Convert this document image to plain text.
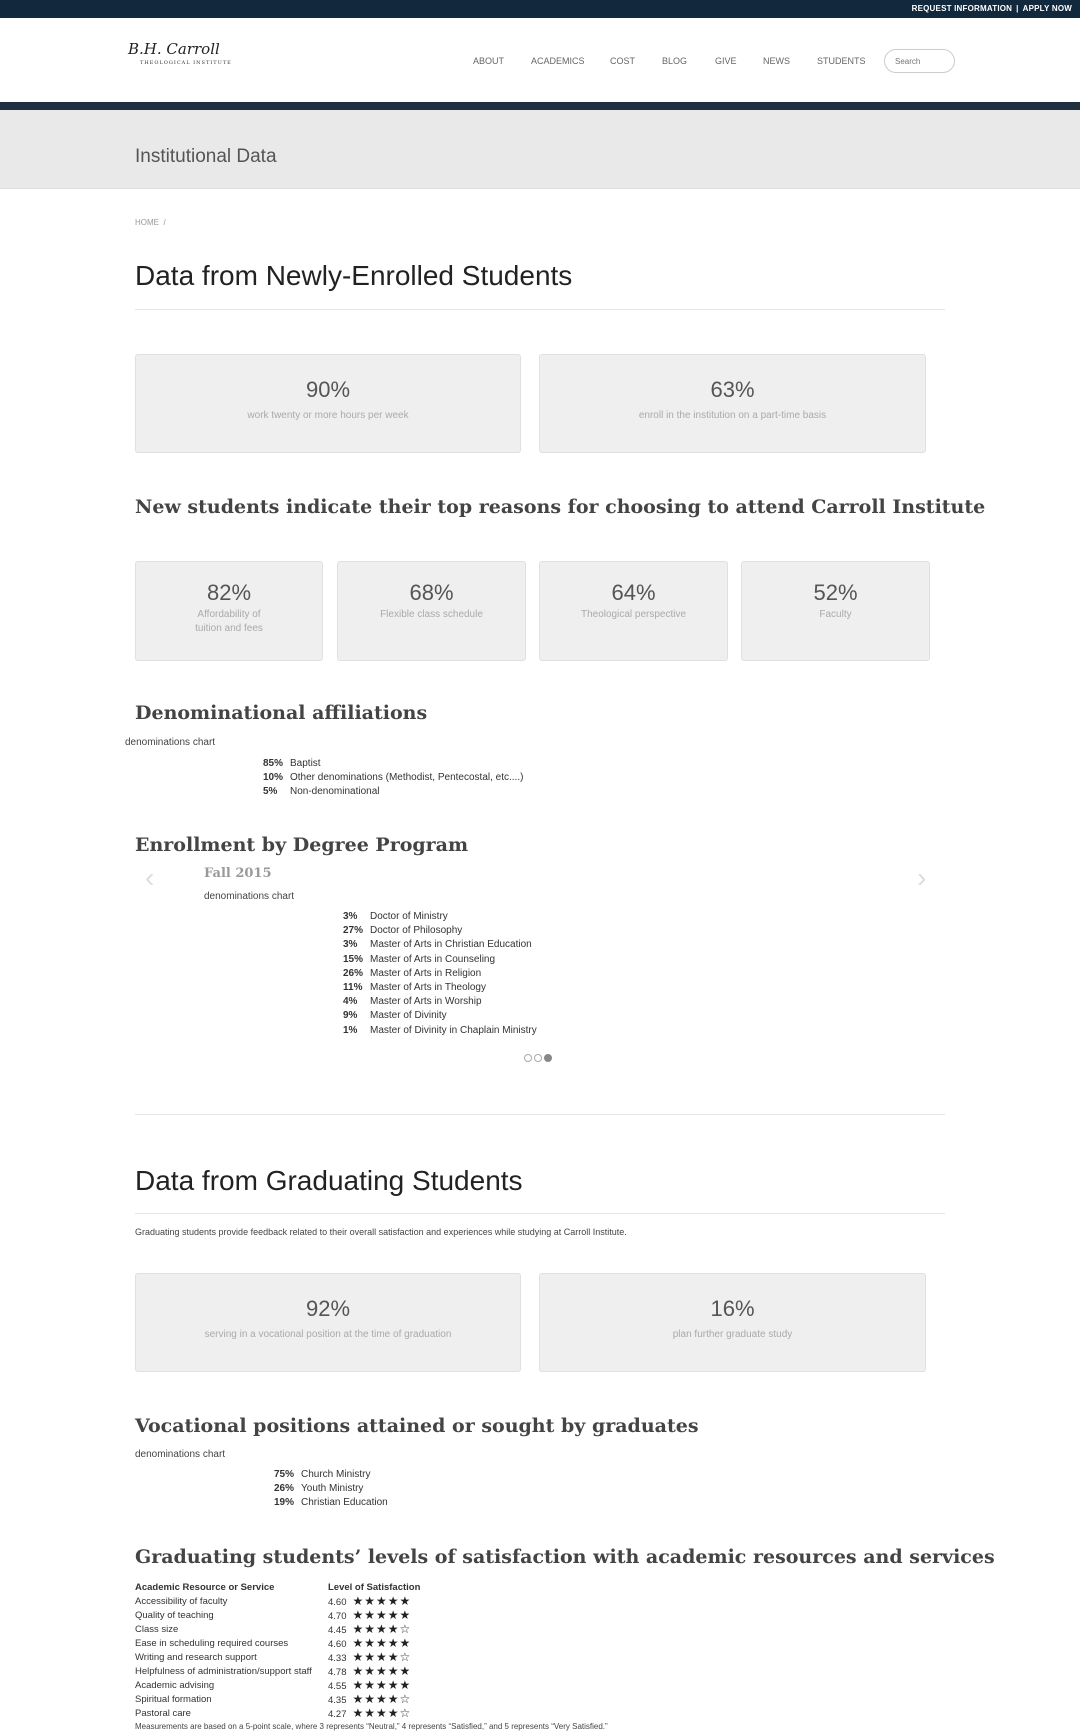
REQUEST INFORMATION | APPLY NOW
B.H. Carroll
THEOLOGICAL INSTITUTE	ABOUT	ACADEMICS	COST	BLOG	GIVE	NEWS	STUDENTS
Search
Institutional Data
HOME /
Data from Newly-Enrolled Students
90%
work twenty or more hours per week
63%
enroll in the institution on a part-time basis
New students indicate their top reasons for choosing to attend Carroll Institute
82%
Affordability of
tuition and fees
68%
Flexible class schedule
64%
Theological perspective
52%
Faculty
Denominational affiliations
denominations chart
85% Baptist
10% Other denominations (Methodist, Pentecostal, etc....)
5% Non-denominational
Enrollment by Degree Program
‹	›
Fall 2015
denominations chart
3% Doctor of Ministry
27% Doctor of Philosophy
3% Master of Arts in Christian Education
15% Master of Arts in Counseling
26% Master of Arts in Religion
11% Master of Arts in Theology
4% Master of Arts in Worship
9% Master of Divinity
1% Master of Divinity in Chaplain Ministry
Data from Graduating Students
Graduating students provide feedback related to their overall satisfaction and experiences while studying at Carroll Institute.
92%
serving in a vocational position at the time of graduation
16%
plan further graduate study
Vocational positions attained or sought by graduates
denominations chart
75% Church Ministry
26% Youth Ministry
19% Christian Education
Graduating students’ levels of satisfaction with academic resources and services
Academic Resource or Service	Level of Satisfaction
Accessibility of faculty	4.60 ★★★★★
Quality of teaching	4.70 ★★★★★
Class size	4.45 ★★★★☆
Ease in scheduling required courses	4.60 ★★★★★
Writing and research support	4.33 ★★★★☆
Helpfulness of administration/support staff	4.78 ★★★★★
Academic advising	4.55 ★★★★★
Spiritual formation	4.35 ★★★★☆
Pastoral care	4.27 ★★★★☆
Measurements are based on a 5-point scale, where 3 represents “Neutral,” 4 represents “Satisfied,” and 5 represents “Very Satisfied.”
